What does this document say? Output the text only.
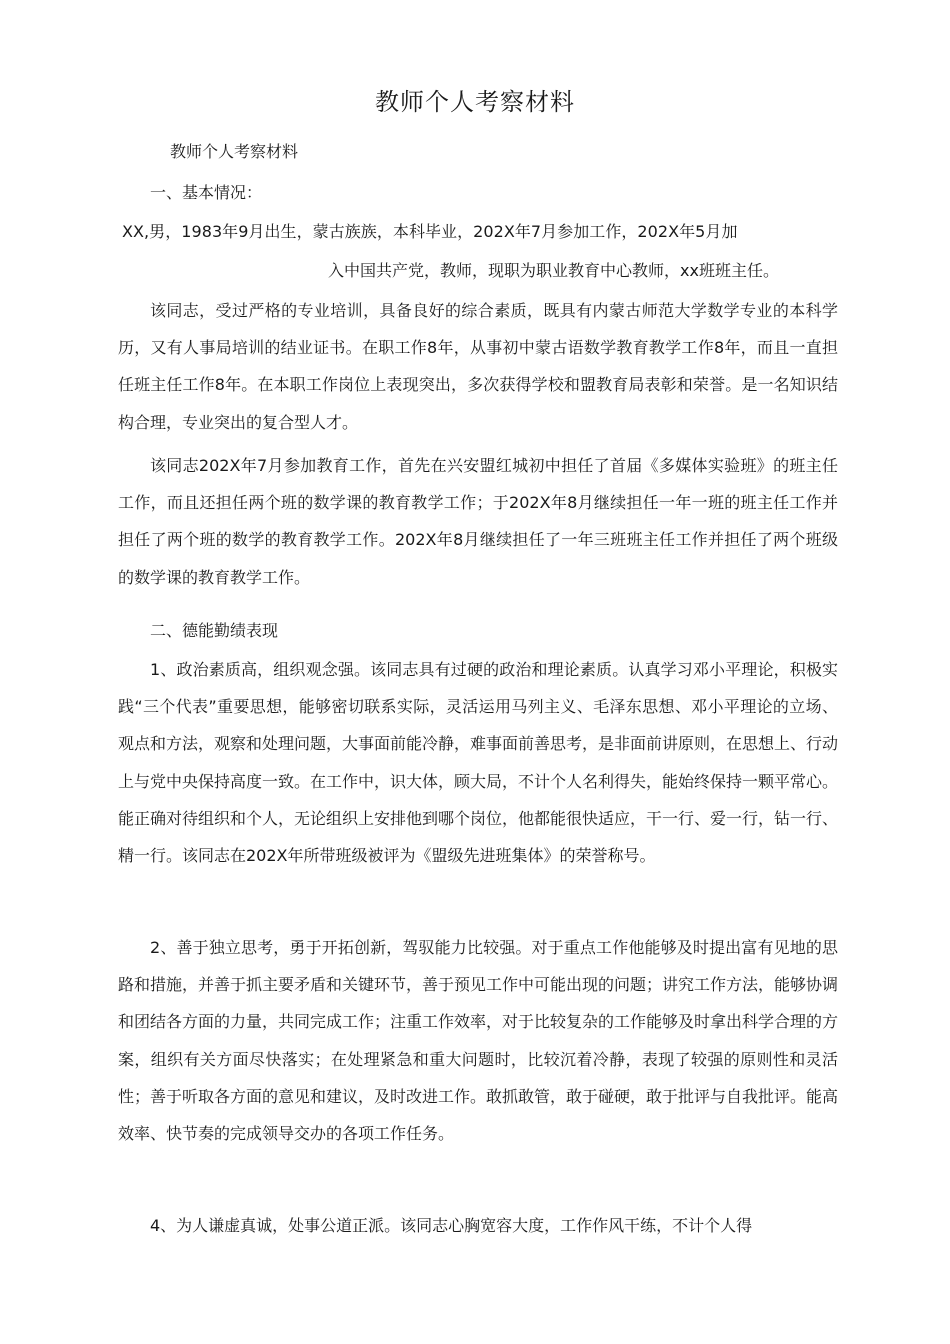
教师个人考察材料

教师个人考察材料

一、基本情况：

XX,男，1983年9月出生，蒙古族族，本科毕业，202X年7月参加工作，202X年5月加

入中国共产党，教师，现职为职业教育中心教师，xx班班主任。

该同志，受过严格的专业培训，具备良好的综合素质，既具有内蒙古师范大学数学专业的本科学历，又有人事局培训的结业证书。在职工作8年，从事初中蒙古语数学教育教学工作8年，而且一直担任班主任工作8年。在本职工作岗位上表现突出，多次获得学校和盟教育局表彰和荣誉。是一名知识结构合理，专业突出的复合型人才。

该同志202X年7月参加教育工作，首先在兴安盟红城初中担任了首届《多媒体实验班》的班主任工作，而且还担任两个班的数学课的教育教学工作；于202X年8月继续担任一年一班的班主任工作并担任了两个班的数学的教育教学工作。202X年8月继续担任了一年三班班主任工作并担任了两个班级的数学课的教育教学工作。

二、德能勤绩表现

1、政治素质高，组织观念强。该同志具有过硬的政治和理论素质。认真学习邓小平理论，积极实践“三个代表”重要思想，能够密切联系实际，灵活运用马列主义、毛泽东思想、邓小平理论的立场、观点和方法，观察和处理问题，大事面前能冷静，难事面前善思考，是非面前讲原则，在思想上、行动上与党中央保持高度一致。在工作中，识大体，顾大局，不计个人名利得失，能始终保持一颗平常心。能正确对待组织和个人，无论组织上安排他到哪个岗位，他都能很快适应，干一行、爱一行，钻一行、精一行。该同志在202X年所带班级被评为《盟级先进班集体》的荣誉称号。

2、善于独立思考，勇于开拓创新，驾驭能力比较强。对于重点工作他能够及时提出富有见地的思路和措施，并善于抓主要矛盾和关键环节，善于预见工作中可能出现的问题；讲究工作方法，能够协调和团结各方面的力量，共同完成工作；注重工作效率，对于比较复杂的工作能够及时拿出科学合理的方案，组织有关方面尽快落实；在处理紧急和重大问题时，比较沉着冷静，表现了较强的原则性和灵活性；善于听取各方面的意见和建议，及时改进工作。敢抓敢管，敢于碰硬，敢于批评与自我批评。能高效率、快节奏的完成领导交办的各项工作任务。

4、为人谦虚真诚，处事公道正派。该同志心胸宽容大度，工作作风干练，不计个人得
